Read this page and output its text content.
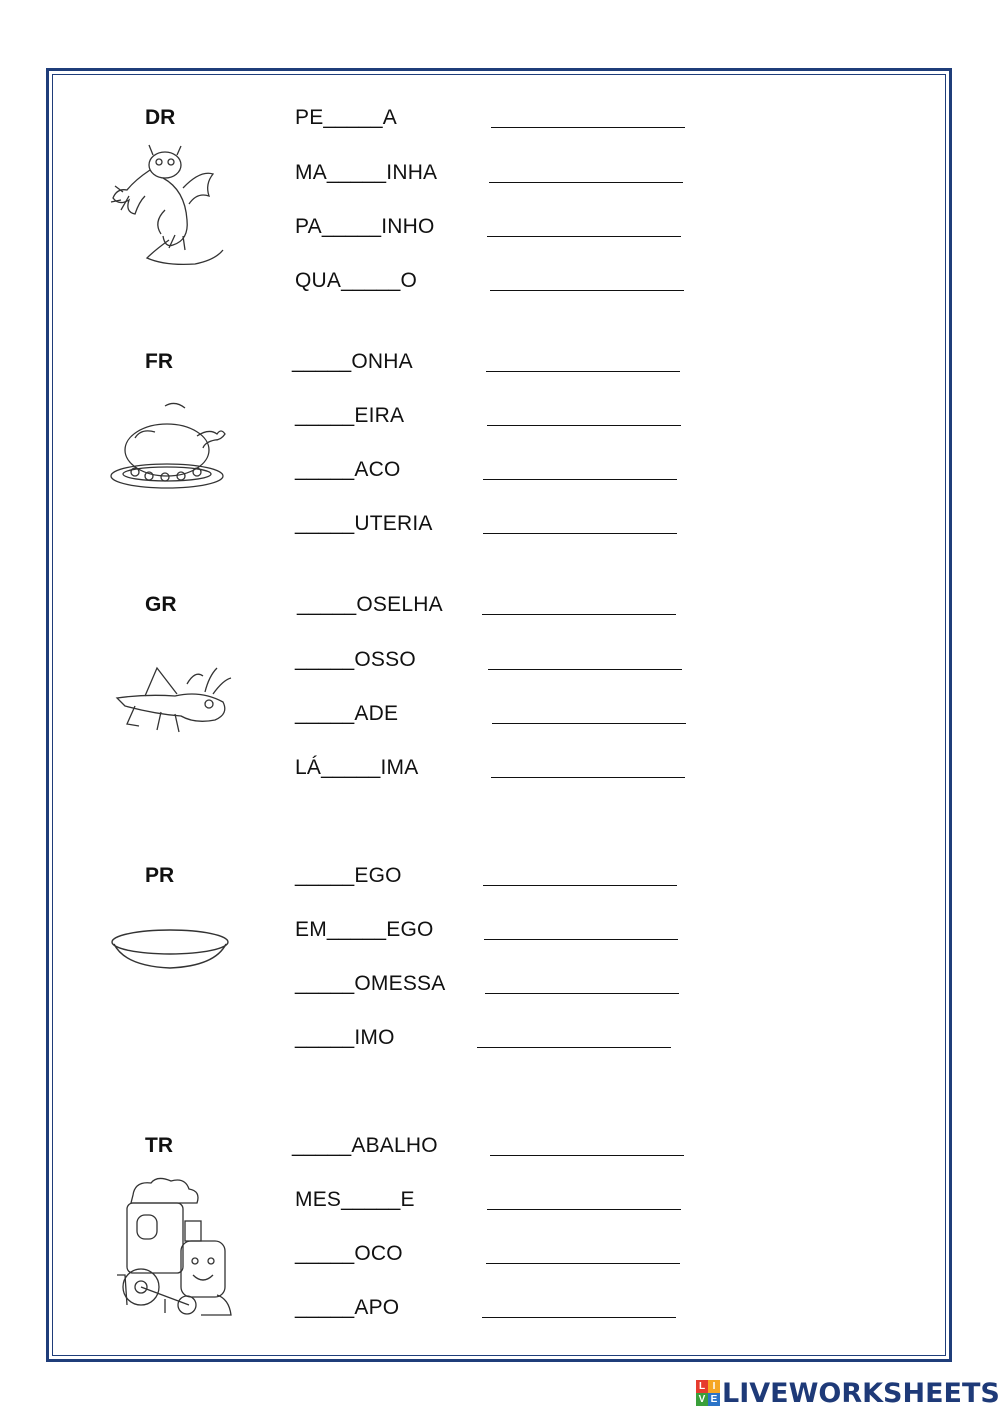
DR	PE_____A
MA_____INHA
PA_____INHO
QUA_____O
FR	_____ONHA
_____EIRA
_____ACO
_____UTERIA
GR	_____OSELHA
_____OSSO
_____ADE
LÁ_____IMA
PR	_____EGO
EM_____EGO
_____OMESSA
_____IMO
TR	_____ABALHO
MES_____E
_____OCO
_____APO
L I
V E LIVEWORKSHEETS
